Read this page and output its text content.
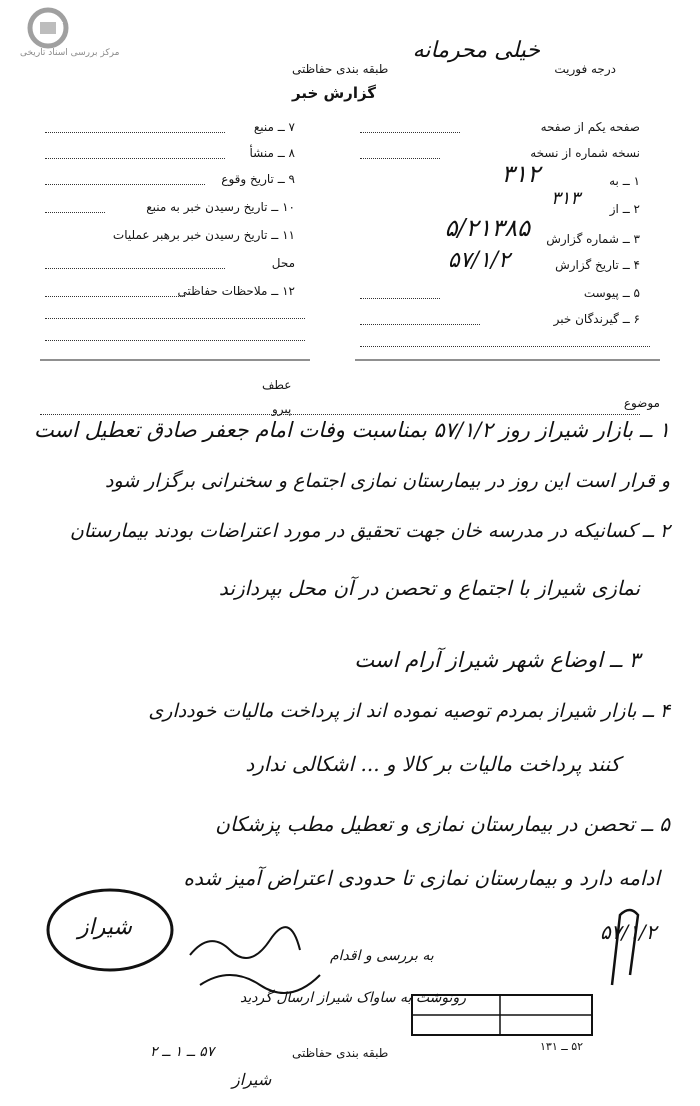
مرکز بررسی اسناد تاریخی
درجه فوریت
خیلی محرمانه
طبقه بندی حفاظتی
گزارش خبر
۷ ــ منبع
۸ ــ منشأ
۹ ــ تاریخ وقوع
۱۰ ــ تاریخ رسیدن خبر به منبع
۱۱ ــ تاریخ رسیدن خبر برهبر عملیات
محل
۱۲ ــ ملاحظات حفاظتی
صفحه یکم از صفحه
نسخه شماره از نسخه
۱ ــ به
۳۱۲
۲ ــ از
۳۱۳
۳ ــ شماره گزارش
۵/۲۱۳۸۵
۴ ــ تاریخ گزارش
۵۷/۱/۲
۵ ــ پیوست
۶ ــ گیرندگان خبر
عطف
پیرو	موضوع
۱ ــ بازار شیراز روز ۵۷/۱/۲ بمناسبت وفات امام جعفر صادق تعطیل است
و قرار است این روز در بیمارستان نمازی اجتماع و سخنرانی برگزار شود
۲ ــ کسانیکه در مدرسه خان جهت تحقیق در مورد اعتراضات بودند بیمارستان
نمازی شیراز با اجتماع و تحصن در آن محل بپردازند
۳ ــ اوضاع شهر شیراز آرام است
۴ ــ بازار شیراز بمردم توصیه نموده اند از پرداخت مالیات خودداری
کنند پرداخت مالیات بر کالا و ... اشکالی ندارد
۵ ــ تحصن در بیمارستان نمازی و تعطیل مطب پزشکان
ادامه دارد و بیمارستان نمازی تا حدودی اعتراض آمیز شده
شیراز	۵۷/۱/۲
به بررسی و اقدام
رونوشت به ساواک شیراز ارسال گردید
۵۷ ــ ۱ ــ ۲	۵۲ ــ ۱۳۱
طبقه بندی حفاظتی
شیراز
